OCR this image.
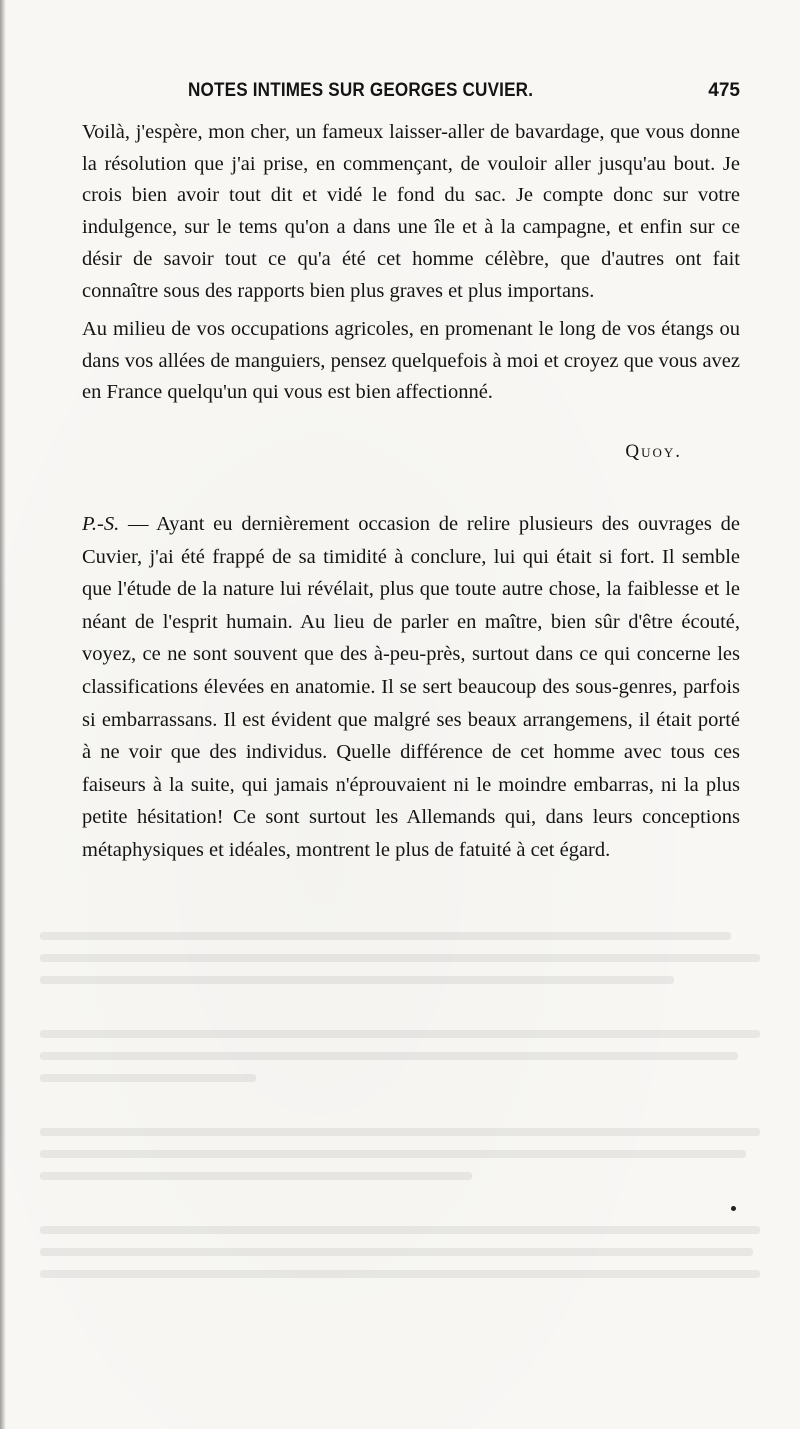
NOTES INTIMES SUR GEORGES CUVIER.	475

Voilà, j'espère, mon cher, un fameux laisser-aller de bavardage, que vous donne la résolution que j'ai prise, en commençant, de vouloir aller jusqu'au bout. Je crois bien avoir tout dit et vidé le fond du sac. Je compte donc sur votre indulgence, sur le tems qu'on a dans une île et à la campagne, et enfin sur ce désir de savoir tout ce qu'a été cet homme célèbre, que d'autres ont fait connaître sous des rapports bien plus graves et plus importans.

Au milieu de vos occupations agricoles, en promenant le long de vos étangs ou dans vos allées de manguiers, pensez quelquefois à moi et croyez que vous avez en France quelqu'un qui vous est bien affectionné.

Quoy.

P.-S. — Ayant eu dernièrement occasion de relire plusieurs des ouvrages de Cuvier, j'ai été frappé de sa timidité à conclure, lui qui était si fort. Il semble que l'étude de la nature lui révélait, plus que toute autre chose, la faiblesse et le néant de l'esprit humain. Au lieu de parler en maître, bien sûr d'être écouté, voyez, ce ne sont souvent que des à-peu-près, surtout dans ce qui concerne les classifications élevées en anatomie. Il se sert beaucoup des sous-genres, parfois si embarrassans. Il est évident que malgré ses beaux arrangemens, il était porté à ne voir que des individus. Quelle différence de cet homme avec tous ces faiseurs à la suite, qui jamais n'éprouvaient ni le moindre embarras, ni la plus petite hésitation! Ce sont surtout les Allemands qui, dans leurs conceptions métaphysiques et idéales, montrent le plus de fatuité à cet égard.
